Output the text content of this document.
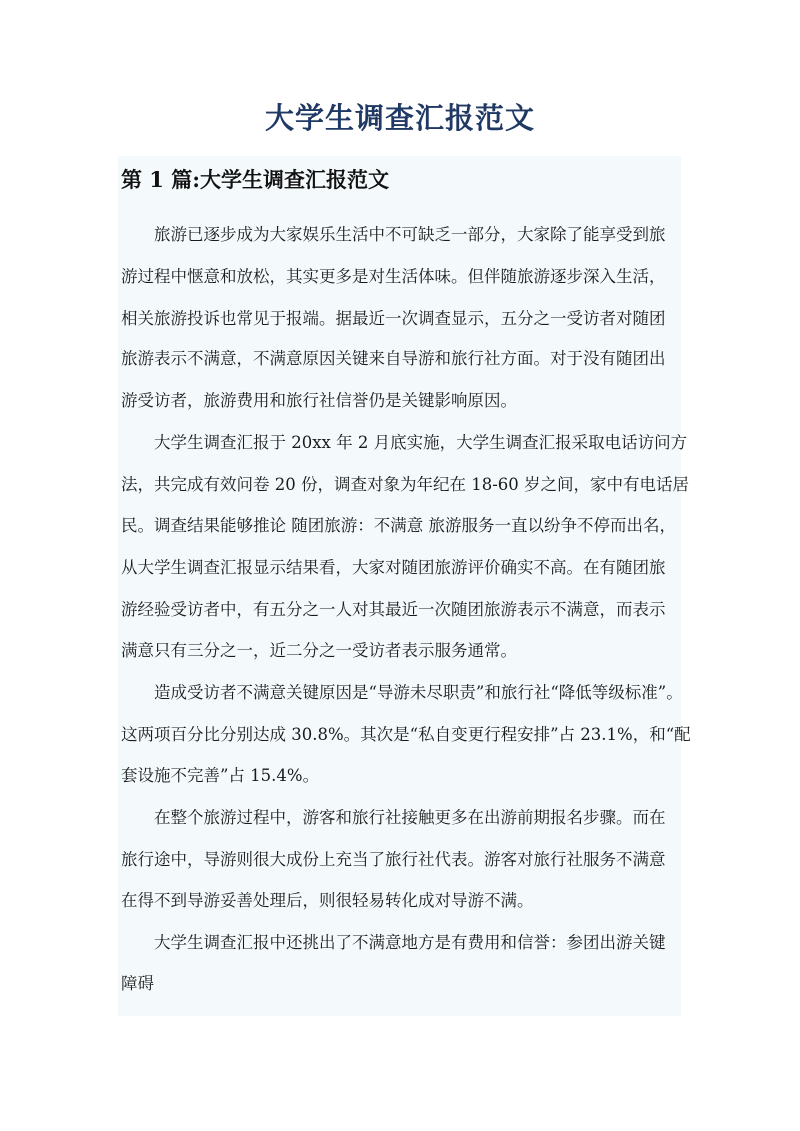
大学生调查汇报范文
第 1 篇:大学生调查汇报范文

旅游已逐步成为大家娱乐生活中不可缺乏一部分，大家除了能享受到旅

游过程中惬意和放松，其实更多是对生活体味。但伴随旅游逐步深入生活，

相关旅游投诉也常见于报端。据最近一次调查显示，五分之一受访者对随团

旅游表示不满意，不满意原因关键来自导游和旅行社方面。对于没有随团出

游受访者，旅游费用和旅行社信誉仍是关键影响原因。

大学生调查汇报于 20xx 年 2 月底实施，大学生调查汇报采取电话访问方

法，共完成有效问卷 20 份，调查对象为年纪在 18-60 岁之间，家中有电话居

民。调查结果能够推论 随团旅游：不满意 旅游服务一直以纷争不停而出名，

从大学生调查汇报显示结果看，大家对随团旅游评价确实不高。在有随团旅

游经验受访者中，有五分之一人对其最近一次随团旅游表示不满意，而表示

满意只有三分之一，近二分之一受访者表示服务通常。

造成受访者不满意关键原因是“导游未尽职责”和旅行社“降低等级标准”。

这两项百分比分别达成 30.8%。其次是“私自变更行程安排”占 23.1%，和“配

套设施不完善”占 15.4%。

在整个旅游过程中，游客和旅行社接触更多在出游前期报名步骤。而在

旅行途中，导游则很大成份上充当了旅行社代表。游客对旅行社服务不满意

在得不到导游妥善处理后，则很轻易转化成对导游不满。

大学生调查汇报中还挑出了不满意地方是有费用和信誉：参团出游关键

障碍
